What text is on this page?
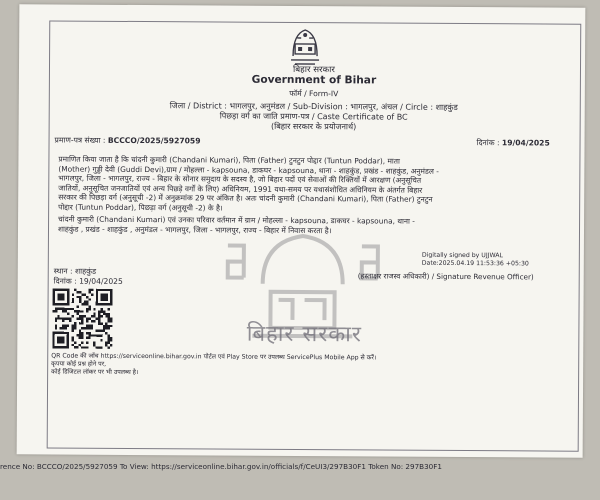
बिहार सरकार
Government of Bihar
फॉर्म / Form-IV
जिला / District : भागलपुर, अनुमंडल / Sub-Division : भागलपुर, अंचल / Circle : शाहकुंड
पिछड़ा वर्ग का जाति प्रमाण-पत्र / Caste Certificate of BC
(बिहार सरकार के प्रयोजनार्थ)
प्रमाण-पत्र संख्या : BCCCO/2025/5927059	दिनांक : 19/04/2025
बिहार सरकार
प्रमाणित किया जाता है कि चांदनी कुमारी (Chandani Kumari), पिता (Father) टुनटुन पोद्दार (Tuntun Poddar), माता
(Mother) गुड्डी देवी (Guddi Devi),ग्राम / मोहल्ला - kapsouna, डाकघर - kapsouna, थाना - शाहकुंड, प्रखंड - शाहकुंड, अनुमंडल -
भागलपुर, जिला - भागलपुर, राज्य - बिहार के सोनार समुदाय के सदस्य है, जो बिहार पदों एवं सेवाओं की रिक्तियों में आरक्षण (अनुसूचित
जातियों, अनुसूचित जनजातियों एवं अन्य पिछड़े वर्गों के लिए) अधिनियम, 1991 यथा-समय पर यथासंशोधित अधिनियम के अंतर्गत बिहार
सरकार की पिछड़ा वर्ग (अनुसूची -2) में अनुक्रमांक 29 पर अंकित है। अतः चांदनी कुमारी (Chandani Kumari), पिता (Father) टुनटुन
पोद्दार (Tuntun Poddar), पिछड़ा वर्ग (अनुसूची -2) के है।
चांदनी कुमारी (Chandani Kumari) एवं उनका परिवार वर्तमान में ग्राम / मोहल्ला - kapsouna, डाकघर - kapsouna, थाना -
शाहकुंड , प्रखंड - शाहकुंड , अनुमंडल - भागलपुर, जिला - भागलपुर, राज्य - बिहार में निवास करता है।
Digitally signed by UJJWAL
Date:2025.04.19 11:53:36 +05:30
(हस्ताक्षर राजस्व अधिकारी) / Signature Revenue Officer)
स्थान : शाहकुंड
दिनांक : 19/04/2025
QR Code की जाँच https://serviceonline.bihar.gov.in पोर्टल एवं Play Store पर उपलब्ध ServicePlus Mobile App से करें।
कृपया कोई प्रश्न होने पर,
कोई डिजिटल लॉकर पर भी उपलब्ध है।
rence No: BCCCO/2025/5927059 To View: https://serviceonline.bihar.gov.in/officials/f/CeUI3/297B30F1 Token No: 297B30F1
